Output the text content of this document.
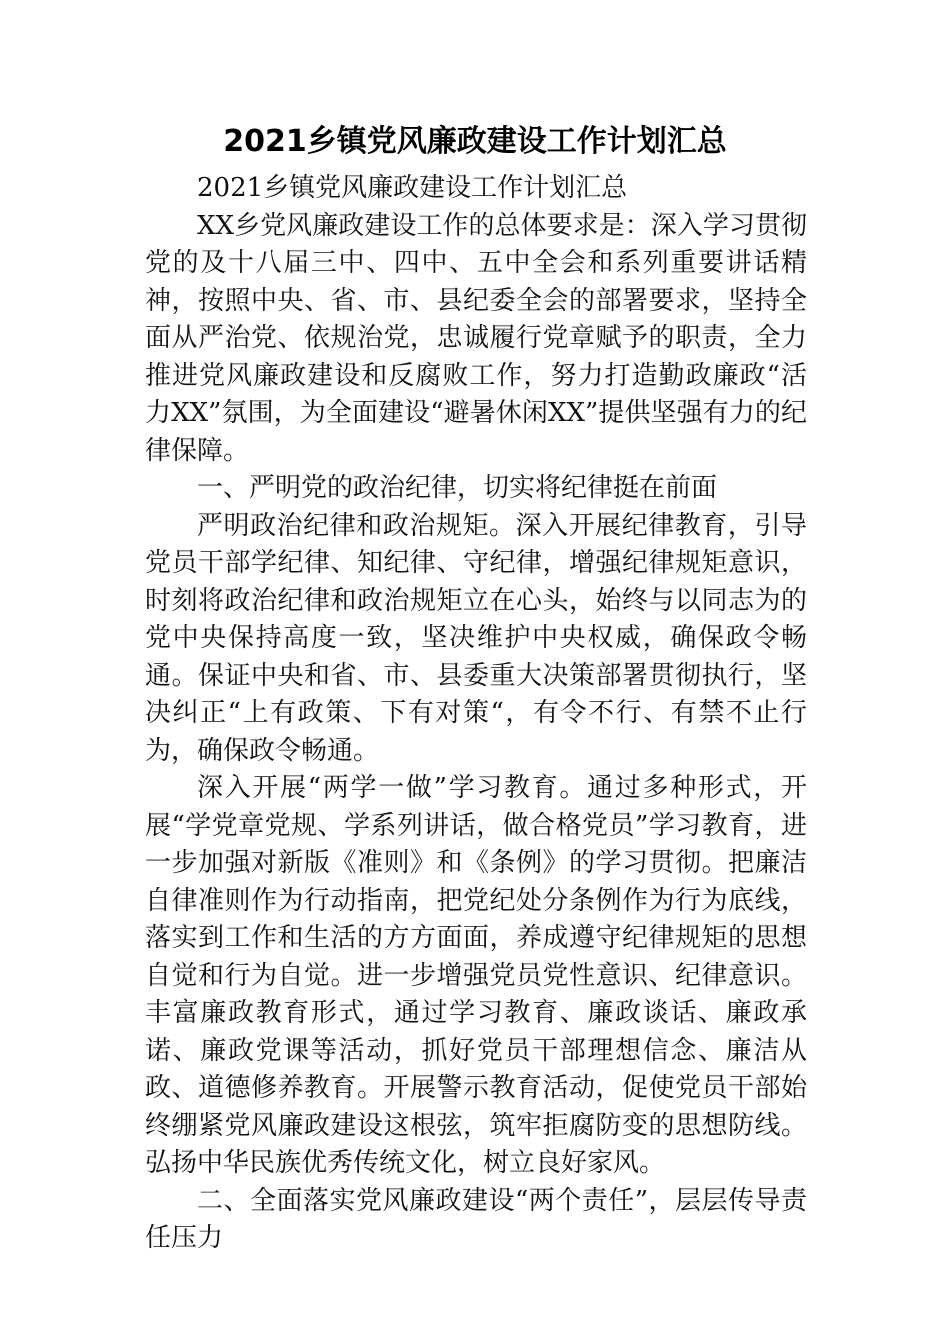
2021乡镇党风廉政建设工作计划汇总

2021乡镇党风廉政建设工作计划汇总

XX乡党风廉政建设工作的总体要求是：深入学习贯彻党的及十八届三中、四中、五中全会和系列重要讲话精神，按照中央、省、市、县纪委全会的部署要求，坚持全面从严治党、依规治党，忠诚履行党章赋予的职责，全力推进党风廉政建设和反腐败工作，努力打造勤政廉政“活力XX”氛围，为全面建设“避暑休闲XX”提供坚强有力的纪律保障。

一、严明党的政治纪律，切实将纪律挺在前面

严明政治纪律和政治规矩。深入开展纪律教育，引导党员干部学纪律、知纪律、守纪律，增强纪律规矩意识，时刻将政治纪律和政治规矩立在心头，始终与以同志为的党中央保持高度一致，坚决维护中央权威，确保政令畅通。保证中央和省、市、县委重大决策部署贯彻执行，坚决纠正“上有政策、下有对策“，有令不行、有禁不止行为，确保政令畅通。

深入开展“两学一做”学习教育。通过多种形式，开展“学党章党规、学系列讲话，做合格党员”学习教育，进一步加强对新版《准则》和《条例》的学习贯彻。把廉洁自律准则作为行动指南，把党纪处分条例作为行为底线，落实到工作和生活的方方面面，养成遵守纪律规矩的思想自觉和行为自觉。进一步增强党员党性意识、纪律意识。丰富廉政教育形式，通过学习教育、廉政谈话、廉政承诺、廉政党课等活动，抓好党员干部理想信念、廉洁从政、道德修养教育。开展警示教育活动，促使党员干部始终绷紧党风廉政建设这根弦，筑牢拒腐防变的思想防线。弘扬中华民族优秀传统文化，树立良好家风。

二、全面落实党风廉政建设“两个责任”，层层传导责任压力
